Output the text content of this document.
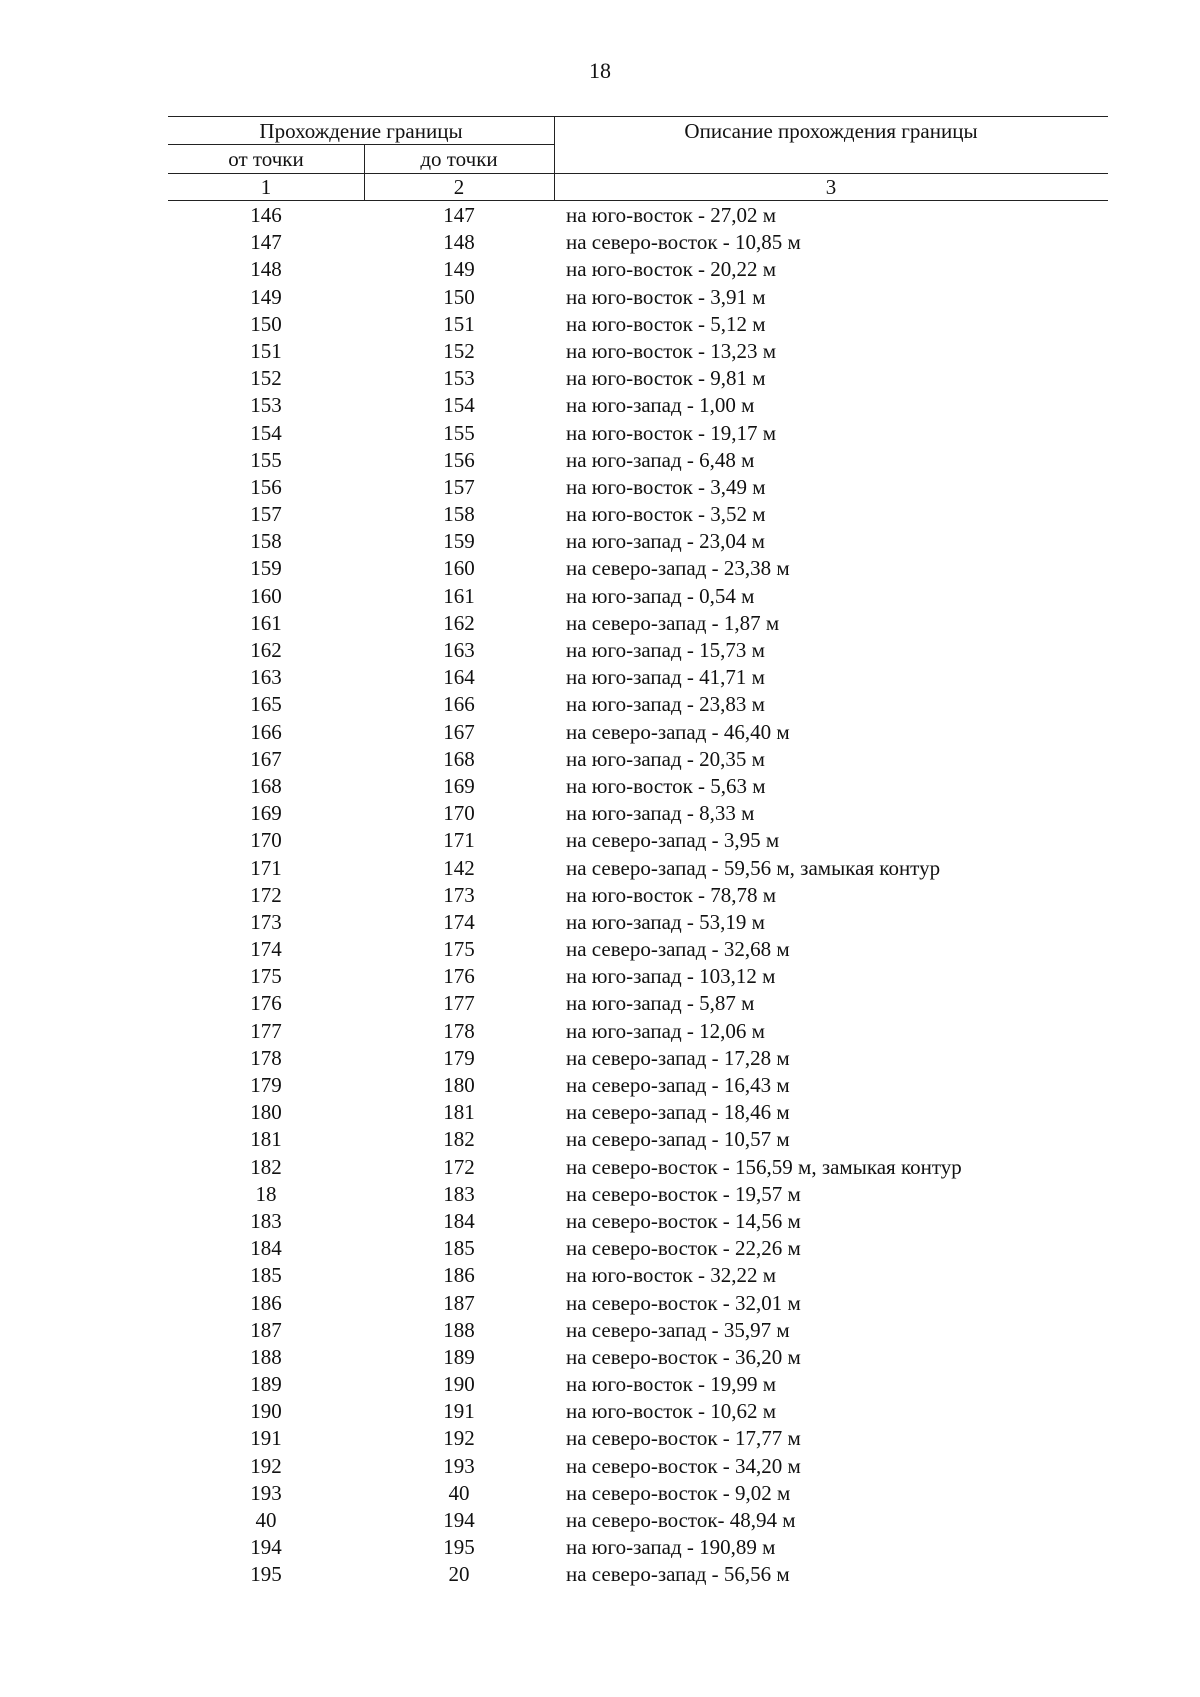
18
Прохождение границы	Описание прохождения границы
от точки	до точки
1	2	3
146	147	на юго-восток - 27,02 м
147	148	на северо-восток - 10,85 м
148	149	на юго-восток - 20,22 м
149	150	на юго-восток - 3,91 м
150	151	на юго-восток - 5,12 м
151	152	на юго-восток - 13,23 м
152	153	на юго-восток - 9,81 м
153	154	на юго-запад - 1,00 м
154	155	на юго-восток - 19,17 м
155	156	на юго-запад - 6,48 м
156	157	на юго-восток - 3,49 м
157	158	на юго-восток - 3,52 м
158	159	на юго-запад - 23,04 м
159	160	на северо-запад - 23,38 м
160	161	на юго-запад - 0,54 м
161	162	на северо-запад - 1,87 м
162	163	на юго-запад - 15,73 м
163	164	на юго-запад - 41,71 м
165	166	на юго-запад - 23,83 м
166	167	на северо-запад - 46,40 м
167	168	на юго-запад - 20,35 м
168	169	на юго-восток - 5,63 м
169	170	на юго-запад - 8,33 м
170	171	на северо-запад - 3,95 м
171	142	на северо-запад - 59,56 м, замыкая контур
172	173	на юго-восток - 78,78 м
173	174	на юго-запад - 53,19 м
174	175	на северо-запад - 32,68 м
175	176	на юго-запад - 103,12 м
176	177	на юго-запад - 5,87 м
177	178	на юго-запад - 12,06 м
178	179	на северо-запад - 17,28 м
179	180	на северо-запад - 16,43 м
180	181	на северо-запад - 18,46 м
181	182	на северо-запад - 10,57 м
182	172	на северо-восток - 156,59 м, замыкая контур
18	183	на северо-восток - 19,57 м
183	184	на северо-восток - 14,56 м
184	185	на северо-восток - 22,26 м
185	186	на юго-восток - 32,22 м
186	187	на северо-восток - 32,01 м
187	188	на северо-запад - 35,97 м
188	189	на северо-восток - 36,20 м
189	190	на юго-восток - 19,99 м
190	191	на юго-восток - 10,62 м
191	192	на северо-восток - 17,77 м
192	193	на северо-восток - 34,20 м
193	40	на северо-восток - 9,02 м
40	194	на северо-восток- 48,94 м
194	195	на юго-запад - 190,89 м
195	20	на северо-запад - 56,56 м
